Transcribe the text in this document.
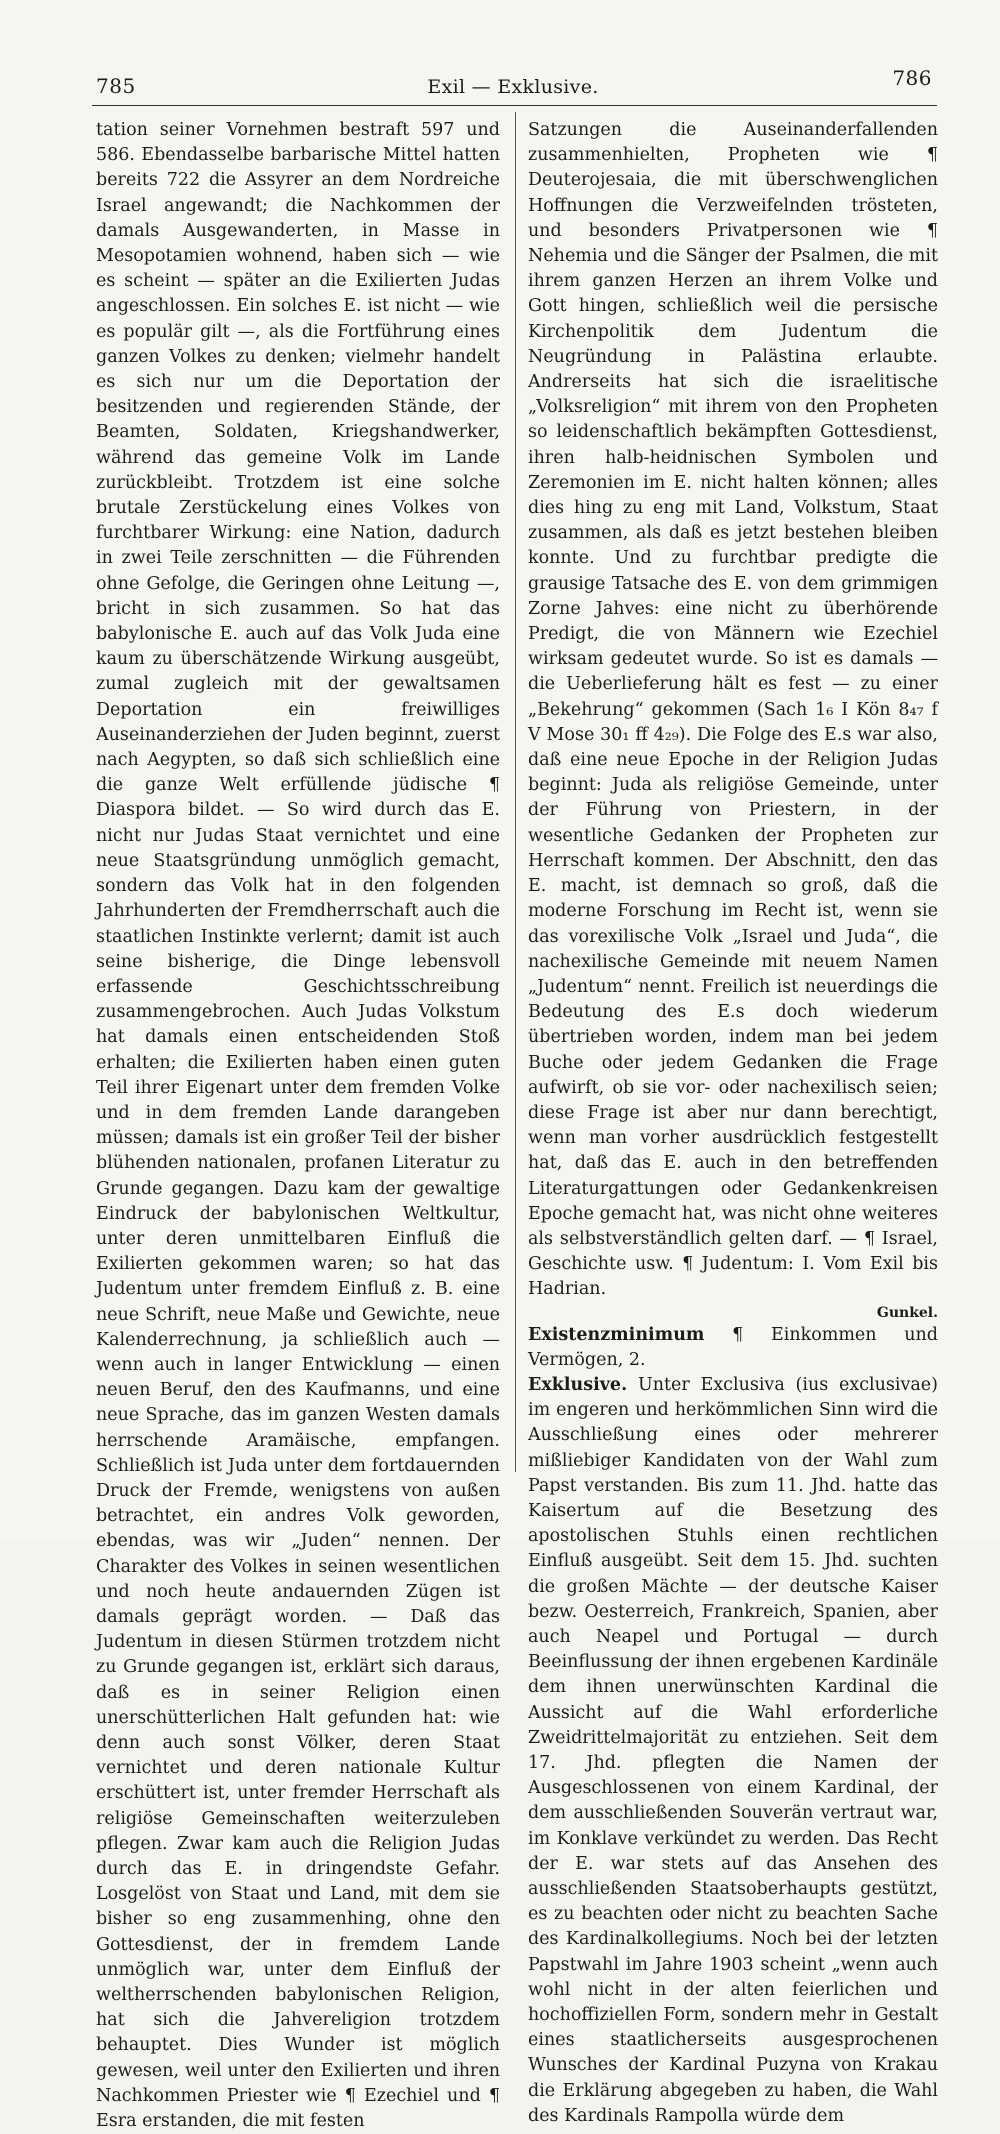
785	Exil — Exklusive.	786

tation seiner Vornehmen bestraft 597 und 586. Ebendasselbe barbarische Mittel hatten bereits 722 die Assyrer an dem Nordreiche Israel angewandt; die Nachkommen der damals Ausgewanderten, in Masse in Mesopotamien wohnend, haben sich — wie es scheint — später an die Exilierten Judas angeschlossen. Ein solches E. ist nicht — wie es populär gilt —, als die Fortführung eines ganzen Volkes zu denken; vielmehr handelt es sich nur um die Deportation der besitzenden und regierenden Stände, der Beamten, Soldaten, Kriegshandwerker, während das gemeine Volk im Lande zurückbleibt. Trotzdem ist eine solche brutale Zerstückelung eines Volkes von furchtbarer Wirkung: eine Nation, dadurch in zwei Teile zerschnitten — die Führenden ohne Gefolge, die Geringen ohne Leitung —, bricht in sich zusammen. So hat das babylonische E. auch auf das Volk Juda eine kaum zu überschätzende Wirkung ausgeübt, zumal zugleich mit der gewaltsamen Deportation ein freiwilliges Auseinanderziehen der Juden beginnt, zuerst nach Aegypten, so daß sich schließlich eine die ganze Welt erfüllende jüdische ¶ Diaspora bildet. — So wird durch das E. nicht nur Judas Staat vernichtet und eine neue Staatsgründung unmöglich gemacht, sondern das Volk hat in den folgenden Jahrhunderten der Fremdherrschaft auch die staatlichen Instinkte verlernt; damit ist auch seine bisherige, die Dinge lebensvoll erfassende Geschichtsschreibung zusammengebrochen. Auch Judas Volkstum hat damals einen entscheidenden Stoß erhalten; die Exilierten haben einen guten Teil ihrer Eigenart unter dem fremden Volke und in dem fremden Lande darangeben müssen; damals ist ein großer Teil der bisher blühenden nationalen, profanen Literatur zu Grunde gegangen. Dazu kam der gewaltige Eindruck der babylonischen Weltkultur, unter deren unmittelbaren Einfluß die Exilierten gekommen waren; so hat das Judentum unter fremdem Einfluß z. B. eine neue Schrift, neue Maße und Gewichte, neue Kalenderrechnung, ja schließlich auch — wenn auch in langer Entwicklung — einen neuen Beruf, den des Kaufmanns, und eine neue Sprache, das im ganzen Westen damals herrschende Aramäische, empfangen. Schließlich ist Juda unter dem fortdauernden Druck der Fremde, wenigstens von außen betrachtet, ein andres Volk geworden, ebendas, was wir „Juden“ nennen. Der Charakter des Volkes in seinen wesentlichen und noch heute andauernden Zügen ist damals geprägt worden. — Daß das Judentum in diesen Stürmen trotzdem nicht zu Grunde gegangen ist, erklärt sich daraus, daß es in seiner Religion einen unerschütterlichen Halt gefunden hat: wie denn auch sonst Völker, deren Staat vernichtet und deren nationale Kultur erschüttert ist, unter fremder Herrschaft als religiöse Gemeinschaften weiterzuleben pflegen. Zwar kam auch die Religion Judas durch das E. in dringendste Gefahr. Losgelöst von Staat und Land, mit dem sie bisher so eng zusammenhing, ohne den Gottesdienst, der in fremdem Lande unmöglich war, unter dem Einfluß der weltherrschenden babylonischen Religion, hat sich die Jahvereligion trotzdem behauptet. Dies Wunder ist möglich gewesen, weil unter den Exilierten und ihren Nachkommen Priester wie ¶ Ezechiel und ¶ Esra erstanden, die mit festen

Satzungen die Auseinanderfallenden zusammenhielten, Propheten wie ¶ Deuterojesaia, die mit überschwenglichen Hoffnungen die Verzweifelnden trösteten, und besonders Privatpersonen wie ¶ Nehemia und die Sänger der Psalmen, die mit ihrem ganzen Herzen an ihrem Volke und Gott hingen, schließlich weil die persische Kirchenpolitik dem Judentum die Neugründung in Palästina erlaubte. Andrerseits hat sich die israelitische „Volksreligion“ mit ihrem von den Propheten so leidenschaftlich bekämpften Gottesdienst, ihren halb-heidnischen Symbolen und Zeremonien im E. nicht halten können; alles dies hing zu eng mit Land, Volkstum, Staat zusammen, als daß es jetzt bestehen bleiben konnte. Und zu furchtbar predigte die grausige Tatsache des E. von dem grimmigen Zorne Jahves: eine nicht zu überhörende Predigt, die von Männern wie Ezechiel wirksam gedeutet wurde. So ist es damals — die Ueberlieferung hält es fest — zu einer „Bekehrung“ gekommen (Sach 1₆ I Kön 8₄₇ f V Mose 30₁ ff 4₂₉). Die Folge des E.s war also, daß eine neue Epoche in der Religion Judas beginnt: Juda als religiöse Gemeinde, unter der Führung von Priestern, in der wesentliche Gedanken der Propheten zur Herrschaft kommen. Der Abschnitt, den das E. macht, ist demnach so groß, daß die moderne Forschung im Recht ist, wenn sie das vorexilische Volk „Israel und Juda“, die nachexilische Gemeinde mit neuem Namen „Judentum“ nennt. Freilich ist neuerdings die Bedeutung des E.s doch wiederum übertrieben worden, indem man bei jedem Buche oder jedem Gedanken die Frage aufwirft, ob sie vor- oder nachexilisch seien; diese Frage ist aber nur dann berechtigt, wenn man vorher ausdrücklich festgestellt hat, daß das E. auch in den betreffenden Literaturgattungen oder Gedankenkreisen Epoche gemacht hat, was nicht ohne weiteres als selbstverständlich gelten darf. — ¶ Israel, Geschichte usw. ¶ Judentum: I. Vom Exil bis Hadrian.

Gunkel.

Existenzminimum ¶ Einkommen und Vermögen, 2.

Exklusive. Unter Exclusiva (ius exclusivae) im engeren und herkömmlichen Sinn wird die Ausschließung eines oder mehrerer mißliebiger Kandidaten von der Wahl zum Papst verstanden. Bis zum 11. Jhd. hatte das Kaisertum auf die Besetzung des apostolischen Stuhls einen rechtlichen Einfluß ausgeübt. Seit dem 15. Jhd. suchten die großen Mächte — der deutsche Kaiser bezw. Oesterreich, Frankreich, Spanien, aber auch Neapel und Portugal — durch Beeinflussung der ihnen ergebenen Kardinäle dem ihnen unerwünschten Kardinal die Aussicht auf die Wahl erforderliche Zweidrittelmajorität zu entziehen. Seit dem 17. Jhd. pflegten die Namen der Ausgeschlossenen von einem Kardinal, der dem ausschließenden Souverän vertraut war, im Konklave verkündet zu werden. Das Recht der E. war stets auf das Ansehen des ausschließenden Staatsoberhaupts gestützt, es zu beachten oder nicht zu beachten Sache des Kardinalkollegiums. Noch bei der letzten Papstwahl im Jahre 1903 scheint „wenn auch wohl nicht in der alten feierlichen und hochoffiziellen Form, sondern mehr in Gestalt eines staatlicherseits ausgesprochenen Wunsches der Kardinal Puzyna von Krakau die Erklärung abgegeben zu haben, die Wahl des Kardinals Rampolla würde dem
